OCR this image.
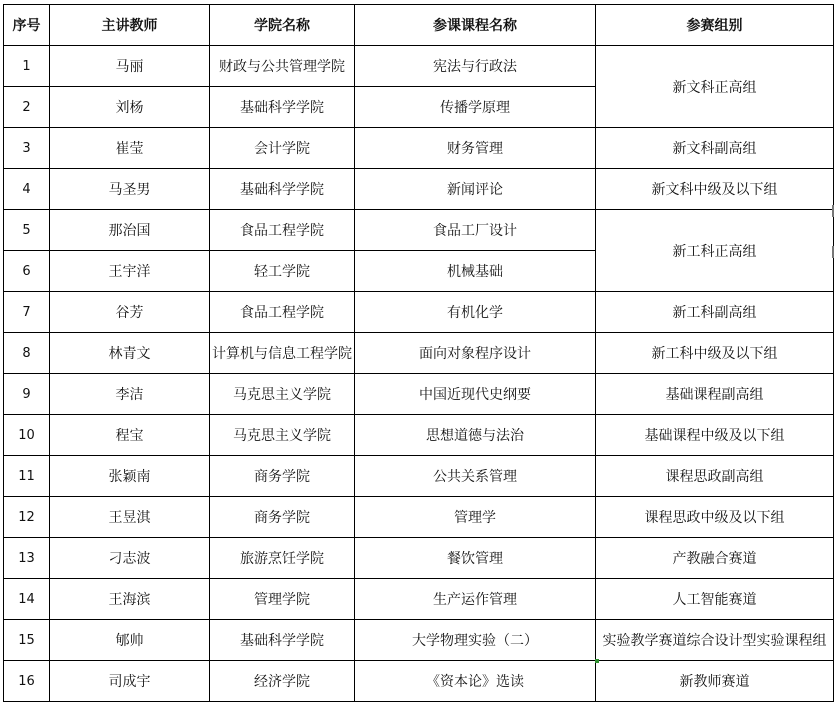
序号	主讲教师	学院名称	参课课程名称	参赛组别
1	马丽	财政与公共管理学院	宪法与行政法	新文科正高组
2	刘杨	基础科学学院	传播学原理	
3	崔莹	会计学院	财务管理	新文科副高组
4	马圣男	基础科学学院	新闻评论	新文科中级及以下组
5	那治国	食品工程学院	食品工厂设计	新工科正高组
6	王宇洋	轻工学院	机械基础	
7	谷芳	食品工程学院	有机化学	新工科副高组
8	林青文	计算机与信息工程学院	面向对象程序设计	新工科中级及以下组
9	李洁	马克思主义学院	中国近现代史纲要	基础课程副高组
10	程宝	马克思主义学院	思想道德与法治	基础课程中级及以下组
11	张颖南	商务学院	公共关系管理	课程思政副高组
12	王昱淇	商务学院	管理学	课程思政中级及以下组
13	刁志波	旅游烹饪学院	餐饮管理	产教融合赛道
14	王海滨	管理学院	生产运作管理	人工智能赛道
15	郇帅	基础科学学院	大学物理实验（二）	实验教学赛道综合设计型实验课程组
16	司成宇	经济学院	《资本论》选读	新教师赛道
